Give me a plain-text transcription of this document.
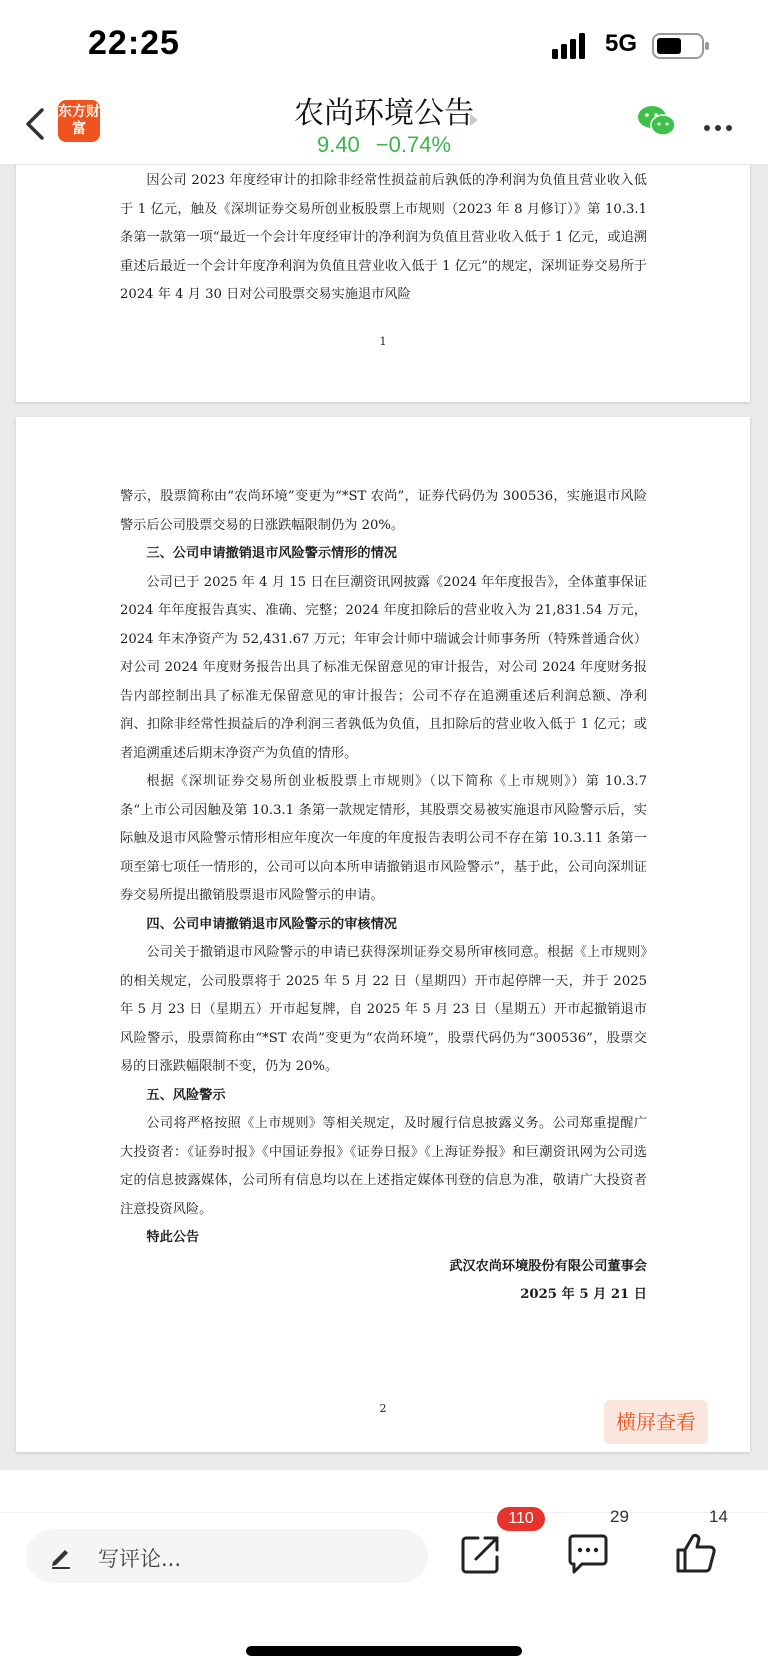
22:25	5G
东方财富	农尚环境公告
9.40 −0.74%

因公司 2023 年度经审计的扣除非经常性损益前后孰低的净利润为负值且营业收入低于 1 亿元，触及《深圳证券交易所创业板股票上市规则（2023 年 8 月修订）》第 10.3.1 条第一款第一项“最近一个会计年度经审计的净利润为负值且营业收入低于 1 亿元，或追溯重述后最近一个会计年度净利润为负值且营业收入低于 1 亿元”的规定，深圳证券交易所于 2024 年 4 月 30 日对公司股票交易实施退市风险

1

警示，股票简称由“农尚环境”变更为“*ST 农尚”，证券代码仍为 300536，实施退市风险警示后公司股票交易的日涨跌幅限制仍为 20%。

三、公司申请撤销退市风险警示情形的情况

公司已于 2025 年 4 月 15 日在巨潮资讯网披露《2024 年年度报告》，全体董事保证 2024 年年度报告真实、准确、完整；2024 年度扣除后的营业收入为 21,831.54 万元，2024 年末净资产为 52,431.67 万元；年审会计师中瑞诚会计师事务所（特殊普通合伙）对公司 2024 年度财务报告出具了标准无保留意见的审计报告，对公司 2024 年度财务报告内部控制出具了标准无保留意见的审计报告；公司不存在追溯重述后利润总额、净利润、扣除非经常性损益后的净利润三者孰低为负值，且扣除后的营业收入低于 1 亿元；或者追溯重述后期末净资产为负值的情形。

根据《深圳证券交易所创业板股票上市规则》（以下简称《上市规则》）第 10.3.7 条“上市公司因触及第 10.3.1 条第一款规定情形，其股票交易被实施退市风险警示后，实际触及退市风险警示情形相应年度次一年度的年度报告表明公司不存在第 10.3.11 条第一项至第七项任一情形的，公司可以向本所申请撤销退市风险警示”，基于此，公司向深圳证券交易所提出撤销股票退市风险警示的申请。

四、公司申请撤销退市风险警示的审核情况

公司关于撤销退市风险警示的申请已获得深圳证券交易所审核同意。根据《上市规则》的相关规定，公司股票将于 2025 年 5 月 22 日（星期四）开市起停牌一天，并于 2025 年 5 月 23 日（星期五）开市起复牌，自 2025 年 5 月 23 日（星期五）开市起撤销退市风险警示，股票简称由“*ST 农尚”变更为“农尚环境”，股票代码仍为“300536”，股票交易的日涨跌幅限制不变，仍为 20%。

五、风险警示

公司将严格按照《上市规则》等相关规定，及时履行信息披露义务。公司郑重提醒广大投资者：《证券时报》《中国证券报》《证券日报》《上海证券报》和巨潮资讯网为公司选定的信息披露媒体，公司所有信息均以在上述指定媒体刊登的信息为准，敬请广大投资者注意投资风险。

特此公告

武汉农尚环境股份有限公司董事会

2025 年 5 月 21 日

2
横屏查看
写评论...
110	29	14
